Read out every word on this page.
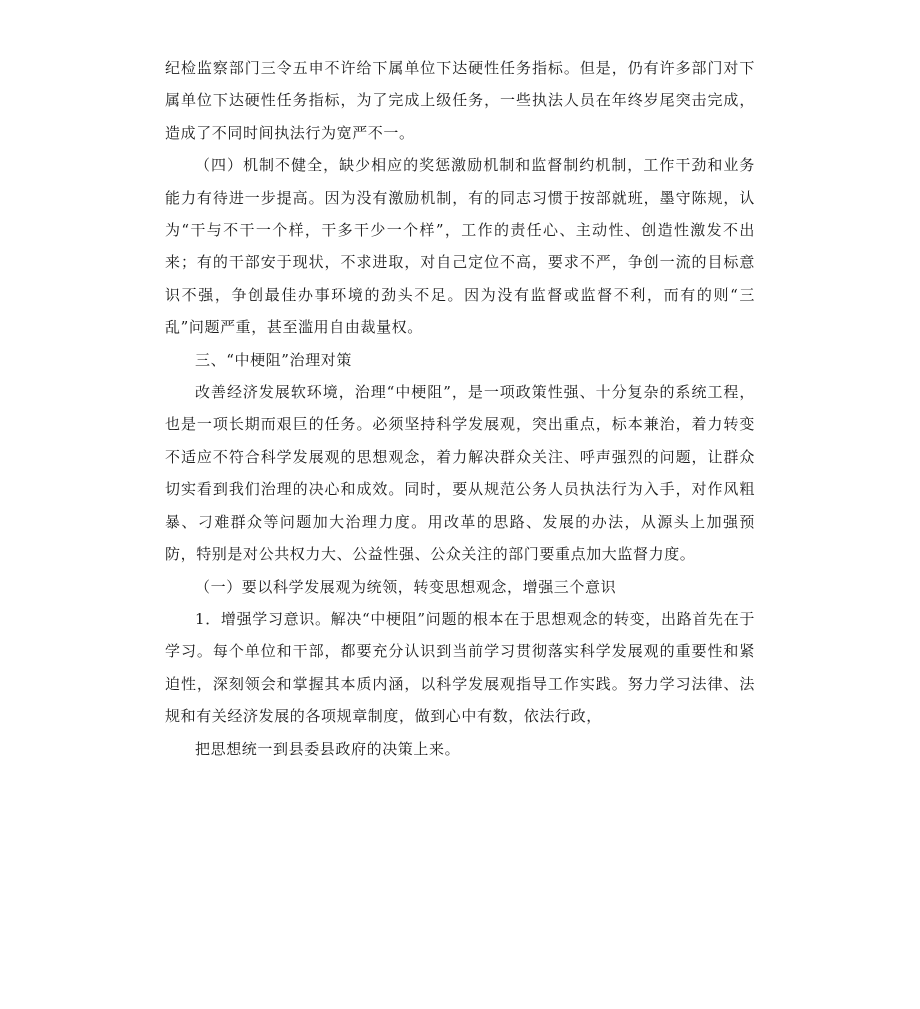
纪检监察部门三令五申不许给下属单位下达硬性任务指标。但是，仍有许多部门对下属单位下达硬性任务指标，为了完成上级任务，一些执法人员在年终岁尾突击完成，造成了不同时间执法行为宽严不一。

（四）机制不健全，缺少相应的奖惩激励机制和监督制约机制，工作干劲和业务能力有待进一步提高。因为没有激励机制，有的同志习惯于按部就班，墨守陈规，认为“干与不干一个样，干多干少一个样”，工作的责任心、主动性、创造性激发不出来；有的干部安于现状，不求进取，对自己定位不高，要求不严，争创一流的目标意识不强，争创最佳办事环境的劲头不足。因为没有监督或监督不利，而有的则“三乱”问题严重，甚至滥用自由裁量权。

三、“中梗阻”治理对策

改善经济发展软环境，治理“中梗阻”，是一项政策性强、十分复杂的系统工程，也是一项长期而艰巨的任务。必须坚持科学发展观，突出重点，标本兼治，着力转变不适应不符合科学发展观的思想观念，着力解决群众关注、呼声强烈的问题，让群众切实看到我们治理的决心和成效。同时，要从规范公务人员执法行为入手，对作风粗暴、刁难群众等问题加大治理力度。用改革的思路、发展的办法，从源头上加强预防，特别是对公共权力大、公益性强、公众关注的部门要重点加大监督力度。

（一）要以科学发展观为统领，转变思想观念，增强三个意识

1．增强学习意识。解决“中梗阻”问题的根本在于思想观念的转变，出路首先在于学习。每个单位和干部，都要充分认识到当前学习贯彻落实科学发展观的重要性和紧迫性，深刻领会和掌握其本质内涵，以科学发展观指导工作实践。努力学习法律、法规和有关经济发展的各项规章制度，做到心中有数，依法行政，

把思想统一到县委县政府的决策上来。
